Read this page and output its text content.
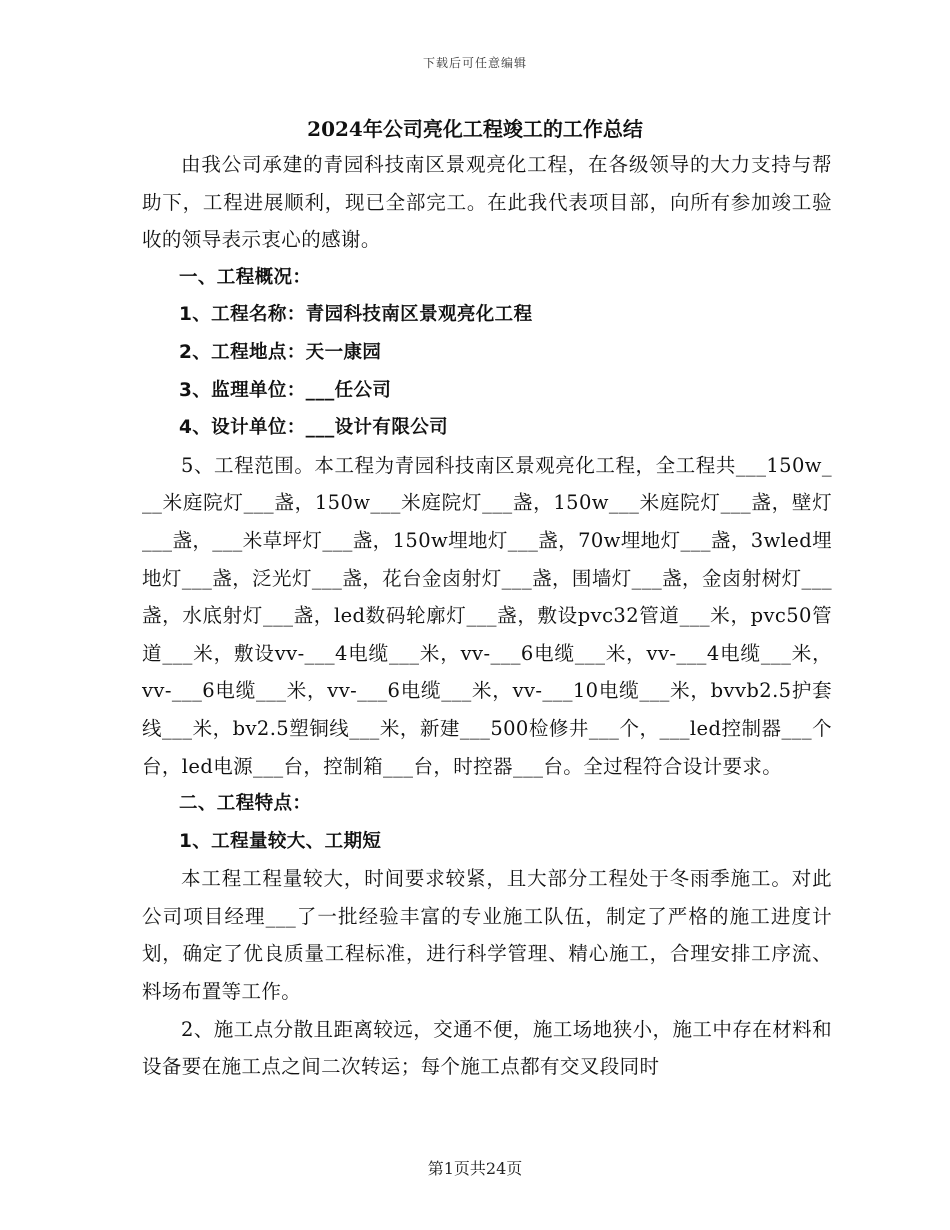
下载后可任意编辑
2024年公司亮化工程竣工的工作总结

由我公司承建的青园科技南区景观亮化工程，在各级领导的大力支持与帮助下，工程进展顺利，现已全部完工。在此我代表项目部，向所有参加竣工验收的领导表示衷心的感谢。

一、工程概况：

1、工程名称：青园科技南区景观亮化工程

2、工程地点：天一康园

3、监理单位：___任公司

4、设计单位：___设计有限公司

5、工程范围。本工程为青园科技南区景观亮化工程，全工程共___150w___米庭院灯___盏，150w___米庭院灯___盏，150w___米庭院灯___盏，壁灯___盏，___米草坪灯___盏，150w埋地灯___盏，70w埋地灯___盏，3wled埋地灯___盏，泛光灯___盏，花台金卤射灯___盏，围墙灯___盏，金卤射树灯___盏，水底射灯___盏，led数码轮廓灯___盏，敷设pvc32管道___米，pvc50管道___米，敷设vv-___4电缆___米，vv-___6电缆___米，vv-___4电缆___米，vv-___6电缆___米，vv-___6电缆___米，vv-___10电缆___米，bvvb2.5护套线___米，bv2.5塑铜线___米，新建___500检修井___个，___led控制器___个台，led电源___台，控制箱___台，时控器___台。全过程符合设计要求。

二、工程特点：

1、工程量较大、工期短

本工程工程量较大，时间要求较紧，且大部分工程处于冬雨季施工。对此公司项目经理___了一批经验丰富的专业施工队伍，制定了严格的施工进度计划，确定了优良质量工程标准，进行科学管理、精心施工，合理安排工序流、料场布置等工作。

2、施工点分散且距离较远，交通不便，施工场地狭小，施工中存在材料和设备要在施工点之间二次转运；每个施工点都有交叉段同时

第1页共24页
